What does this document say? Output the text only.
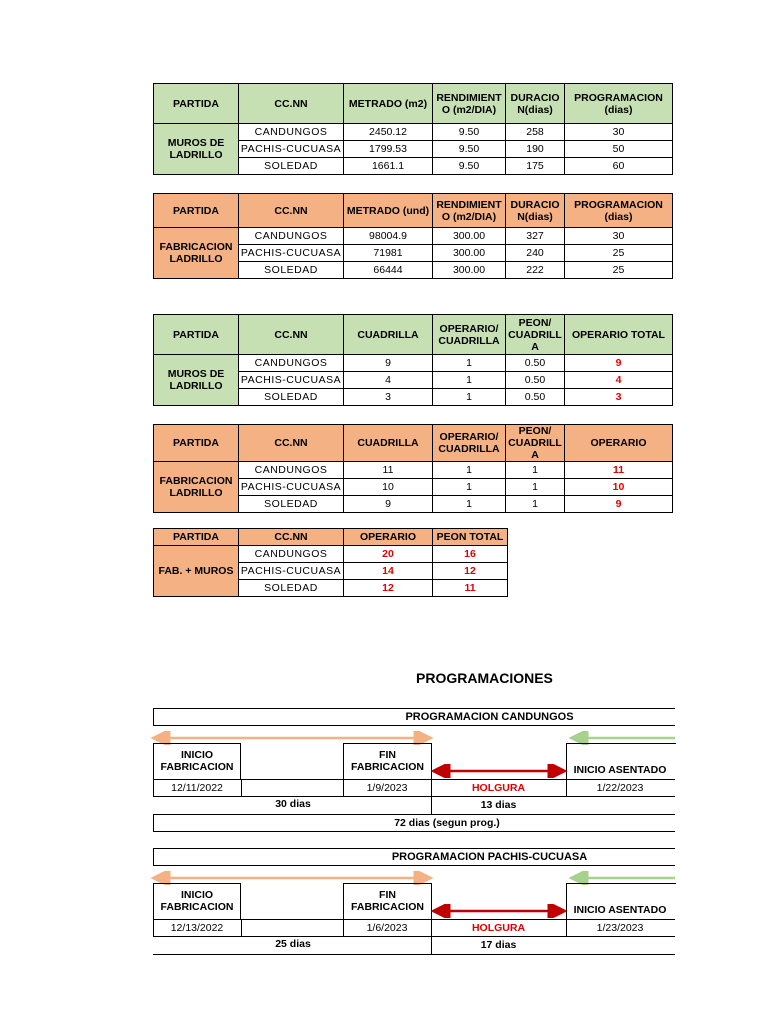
PARTIDA	CC.NN	METRADO (m2)	RENDIMIENT O (m2/DIA)	DURACIO N(dias)	PROGRAMACION (dias)
MUROS DE LADRILLO	CANDUNGOS	2450.12	9.50	258	30
	PACHIS-CUCUASA	1799.53	9.50	190	50
	SOLEDAD	1661.1	9.50	175	60
PARTIDA	CC.NN	METRADO (und)	RENDIMIENT O (m2/DIA)	DURACIO N(dias)	PROGRAMACION (dias)
FABRICACION LADRILLO	CANDUNGOS	98004.9	300.00	327	30
	PACHIS-CUCUASA	71981	300.00	240	25
	SOLEDAD	66444	300.00	222	25
PARTIDA	CC.NN	CUADRILLA	OPERARIO/ CUADRILLA	PEON/ CUADRILL A	OPERARIO TOTAL
MUROS DE LADRILLO	CANDUNGOS	9	1	0.50	9
	PACHIS-CUCUASA	4	1	0.50	4
	SOLEDAD	3	1	0.50	3
PARTIDA	CC.NN	CUADRILLA	OPERARIO/ CUADRILLA	PEON/ CUADRILL A	OPERARIO
FABRICACION LADRILLO	CANDUNGOS	11	1	1	11
	PACHIS-CUCUASA	10	1	1	10
	SOLEDAD	9	1	1	9
PARTIDA	CC.NN	OPERARIO	PEON TOTAL
FAB. + MUROS	CANDUNGOS	20	16
	PACHIS-CUCUASA	14	12
	SOLEDAD	12	11
PROGRAMACIONES
PROGRAMACION CANDUNGOS
INICIO FABRICACION
FIN FABRICACION	INICIO ASENTADO
12/11/2022	1/9/2023	HOLGURA	1/22/2023
30 dias	13 dias
72 dias (segun prog.)
PROGRAMACION PACHIS-CUCUASA
INICIO FABRICACION
FIN FABRICACION	INICIO ASENTADO
12/13/2022	1/6/2023	HOLGURA	1/23/2023
25 dias	17 dias
